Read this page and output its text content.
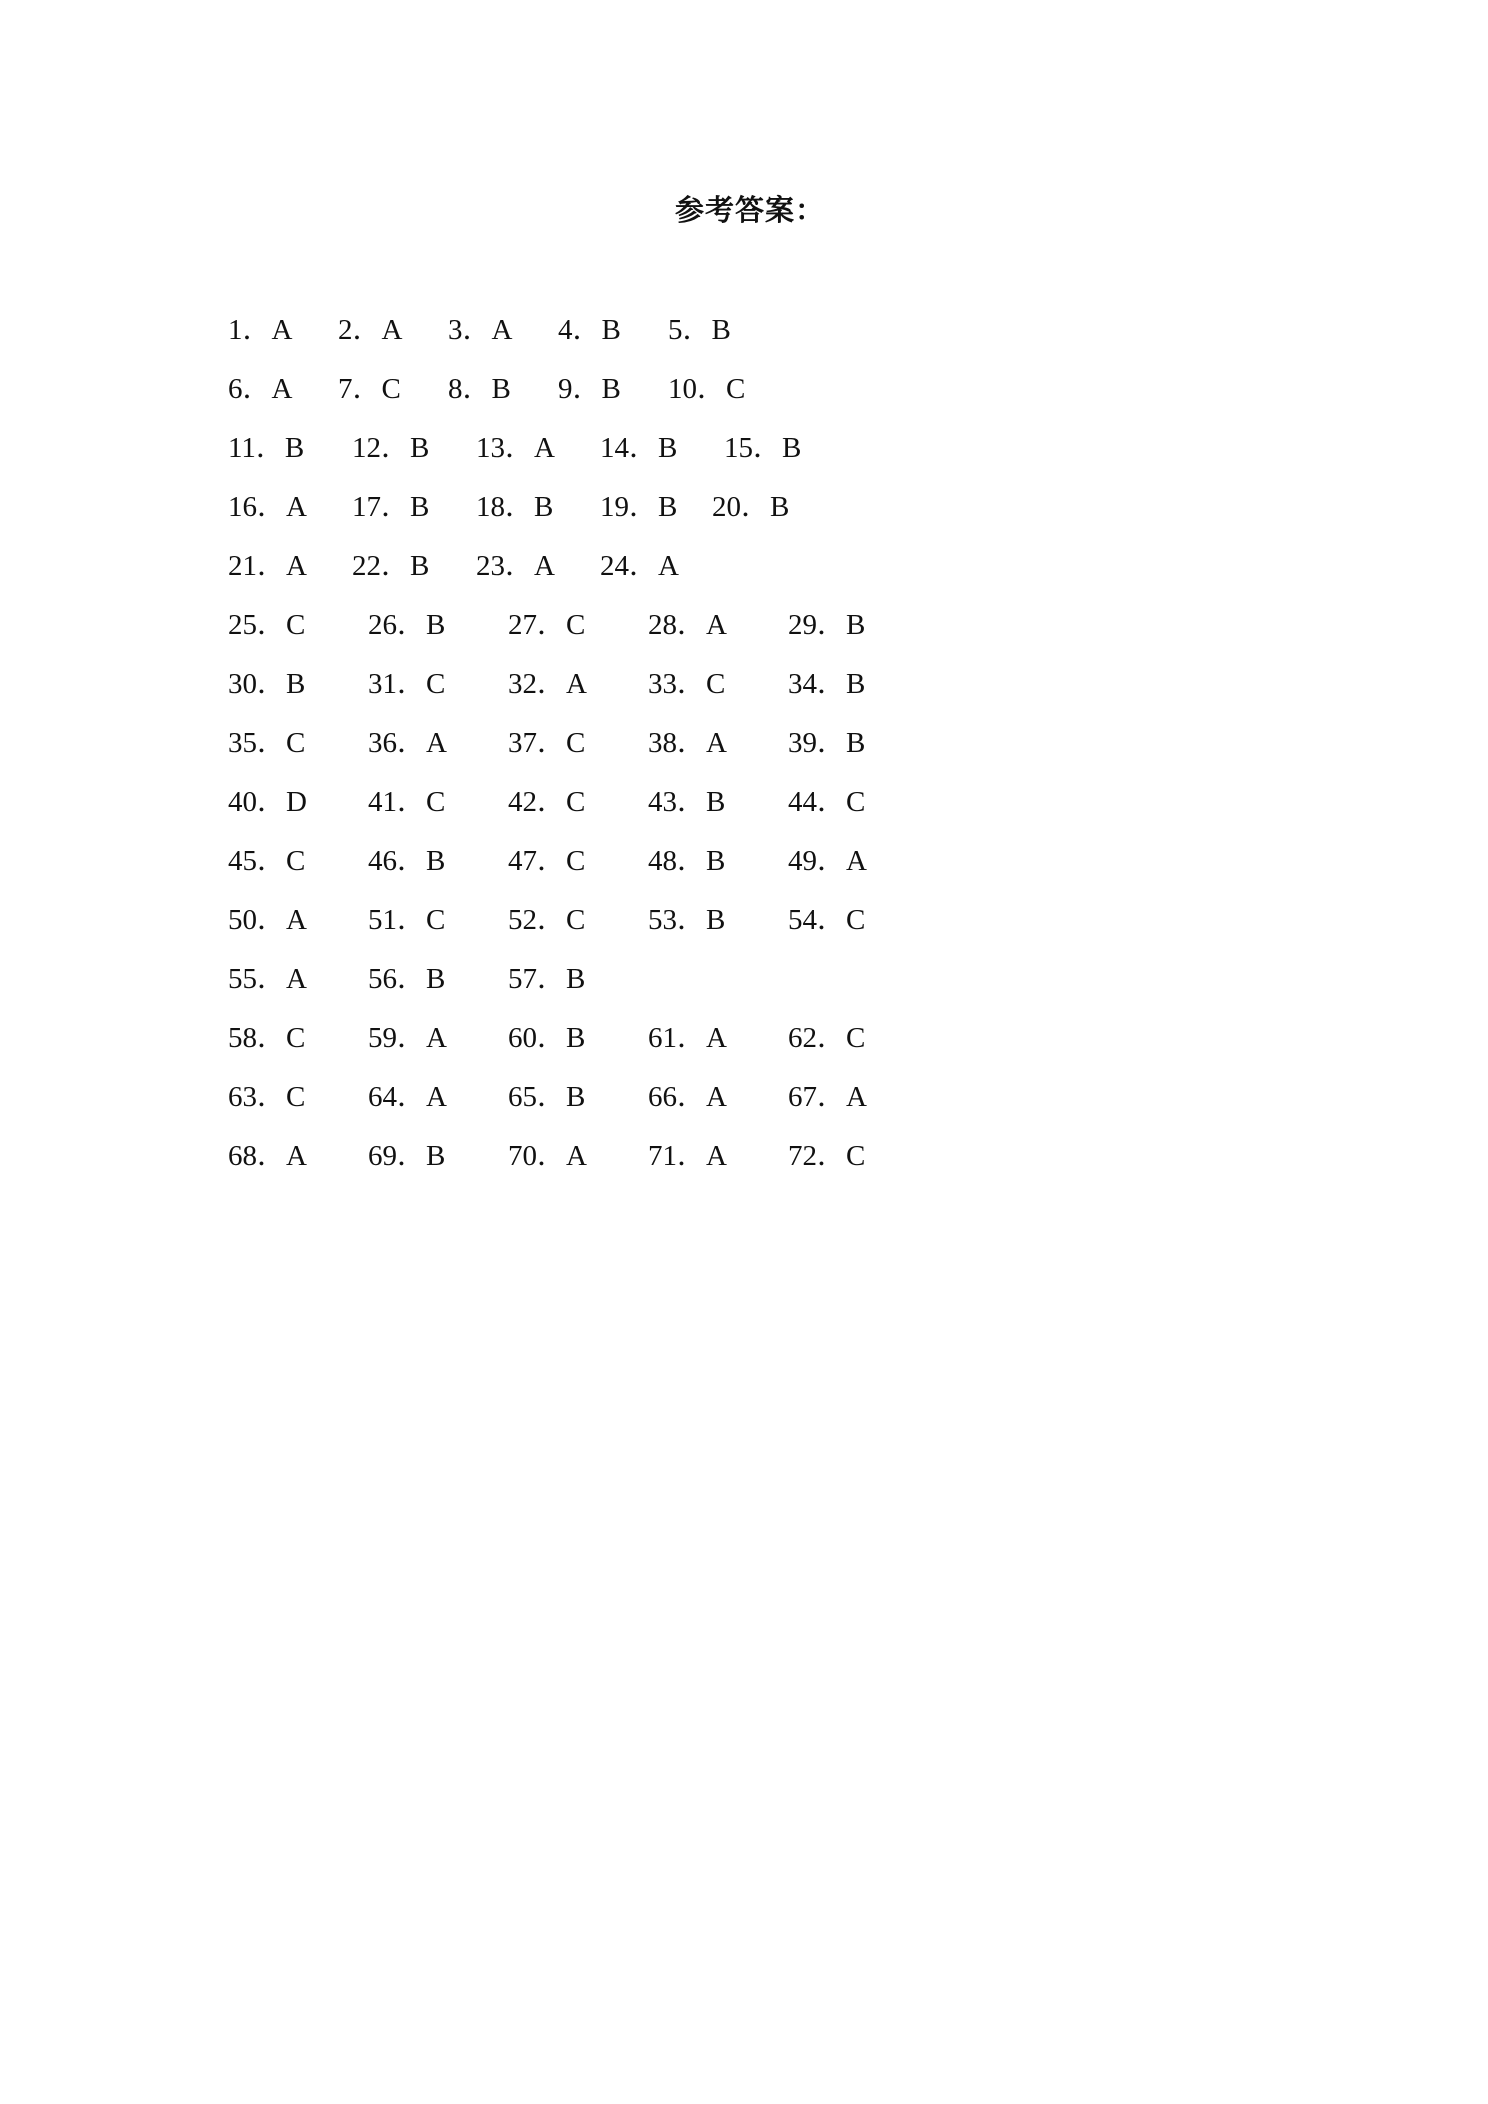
参考答案：
1．A 2．A 3．A 4．B 5．B
6．A 7．C 8．B 9．B 10．C
11．B 12．B 13．A 14．B 15．B
16．A 17．B 18．B 19．B 20．B
21．A 22．B 23．A 24．A
25．C 26．B 27．C 28．A 29．B
30．B 31．C 32．A 33．C 34．B
35．C 36．A 37．C 38．A 39．B
40．D 41．C 42．C 43．B 44．C
45．C 46．B 47．C 48．B 49．A
50．A 51．C 52．C 53．B 54．C
55．A 56．B 57．B
58．C 59．A 60．B 61．A 62．C
63．C 64．A 65．B 66．A 67．A
68．A 69．B 70．A 71．A 72．C
